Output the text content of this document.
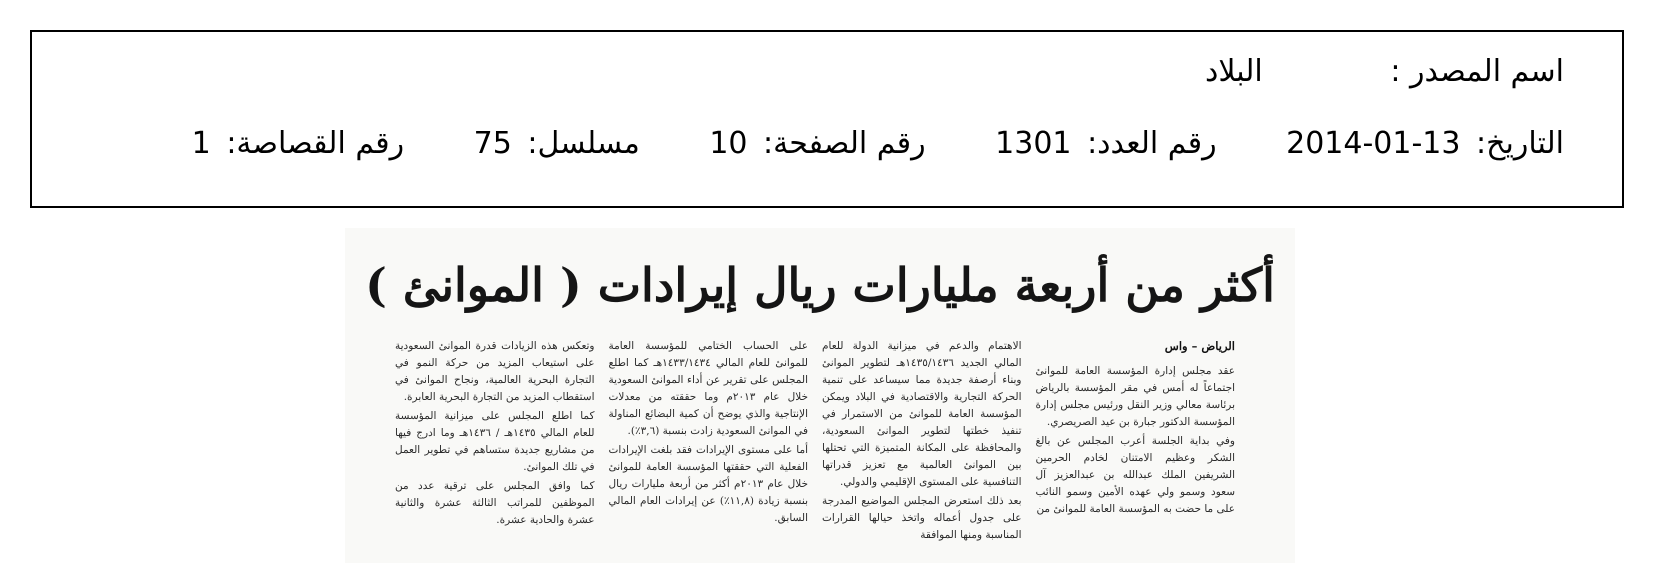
اسم المصدر : البلاد
التاريخ: 2014-01-13 رقم العدد: 1301 رقم الصفحة: 10 مسلسل: 75 رقم القصاصة: 1
أكثر من أربعة مليارات ريال إيرادات ( الموانئ )
الرياض – واس

عقد مجلس إدارة المؤسسة العامة للموانئ اجتماعاً له أمس في مقر المؤسسة بالرياض برئاسة معالي وزير النقل ورئيس مجلس إدارة المؤسسة الدكتور جبارة بن عيد الصريصري.

وفي بداية الجلسة أعرب المجلس عن بالغ الشكر وعظيم الامتنان لخادم الحرمين الشريفين الملك عبدالله بن عبدالعزيز آل سعود وسمو ولي عهده الأمين وسمو النائب على ما حضت به المؤسسة العامة للموانئ من

الاهتمام والدعم في ميزانية الدولة للعام المالي الجديد ١٤٣٥/١٤٣٦هـ لتطوير الموانئ وبناء أرصفة جديدة مما سيساعد على تنمية الحركة التجارية والاقتصادية في البلاد ويمكن المؤسسة العامة للموانئ من الاستمرار في تنفيذ خطتها لتطوير الموانئ السعودية، والمحافظة على المكانة المتميزة التي تحتلها بين الموانئ العالمية مع تعزيز قدراتها التنافسية على المستوى الإقليمي والدولي.

بعد ذلك استعرض المجلس المواضيع المدرجة على جدول أعماله واتخذ حيالها القرارات المناسبة ومنها الموافقة

على الحساب الختامي للمؤسسة العامة للموانئ للعام المالي ١٤٣٣/١٤٣٤هـ كما اطلع المجلس على تقرير عن أداء الموانئ السعودية خلال عام ٢٠١٣م وما حققته من معدلات الإنتاجية والذي يوضح أن كمية البضائع المناولة في الموانئ السعودية زادت بنسبة (٣,٦٪).

أما على مستوى الإيرادات فقد بلغت الإيرادات الفعلية التي حققتها المؤسسة العامة للموانئ خلال عام ٢٠١٣م أكثر من أربعة مليارات ريال بنسبة زيادة (١١,٨٪) عن إيرادات العام المالي السابق.

وتعكس هذه الزيادات قدرة الموانئ السعودية على استيعاب المزيد من حركة النمو في التجارة البحرية العالمية، ونجاح الموانئ في استقطاب المزيد من التجارة البحرية العابرة.

كما اطلع المجلس على ميزانية المؤسسة للعام المالي ١٤٣٥هـ / ١٤٣٦هـ وما ادرج فيها من مشاريع جديدة ستساهم في تطوير العمل في تلك الموانئ.

كما وافق المجلس على ترقية عدد من الموظفين للمراتب الثالثة عشرة والثانية عشرة والحادية عشرة.
